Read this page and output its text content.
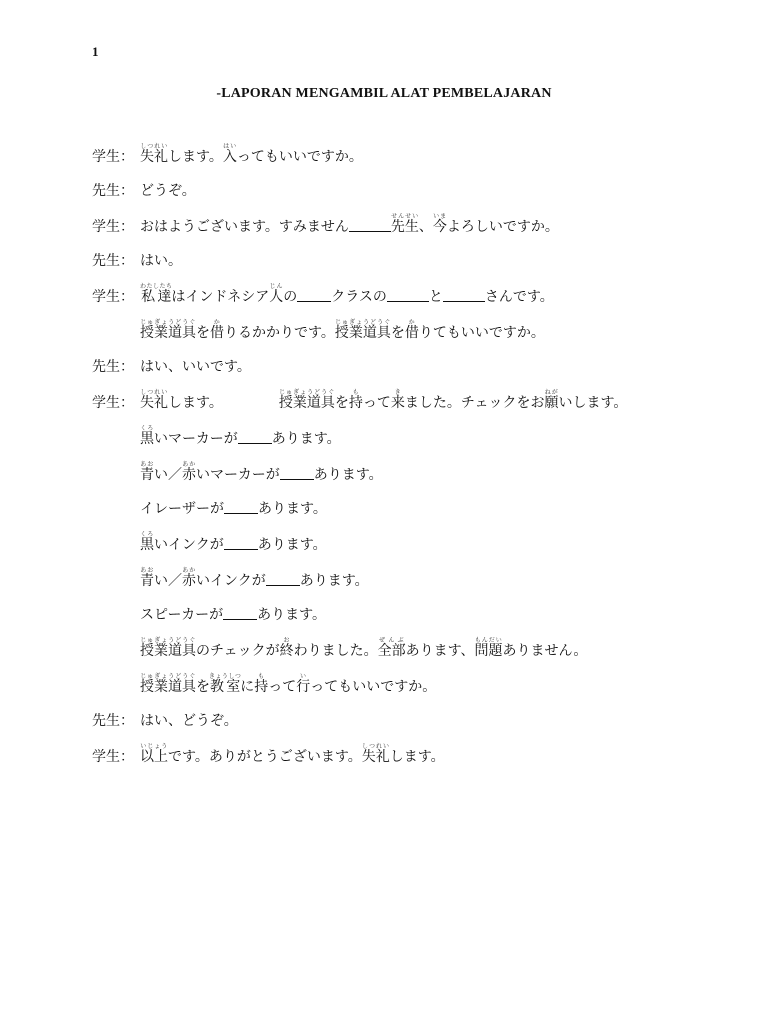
1
-LAPORAN MENGAMBIL ALAT PEMBELAJARAN
学生： 失礼しつれいします。入はいってもいいですか。
先生： どうぞ。
学生： おはようございます。すみません	先生せんせい、今いまよろしいですか。
先生： はい。
学生： 私達わたしたちはインドネシア人じんの クラスの	と	さんです。
授業道具じゅぎょうどうぐを借かりるかかりです。授業道具じゅぎょうどうぐを借かりてもいいですか。
先生： はい、いいです。
学生： 失礼しつれいします。	授業道具じゅぎょうどうぐを持もって来きました。チェックをお願ねがいします。
黒くろいマーカーが あります。
青あおい／赤あかいマーカーが あります。
イレーザーが あります。
黒くろいインクが あります。
青あおい／赤あかいインクが あります。
スピーカーが あります。
授業道具じゅぎょうどうぐのチェックが終おわりました。全部ぜんぶあります、問題もんだいありません。
授業道具じゅぎょうどうぐを教室きょうしつに持もって行いってもいいですか。
先生： はい、どうぞ。
学生： 以上いじょうです。ありがとうございます。失礼しつれいします。
